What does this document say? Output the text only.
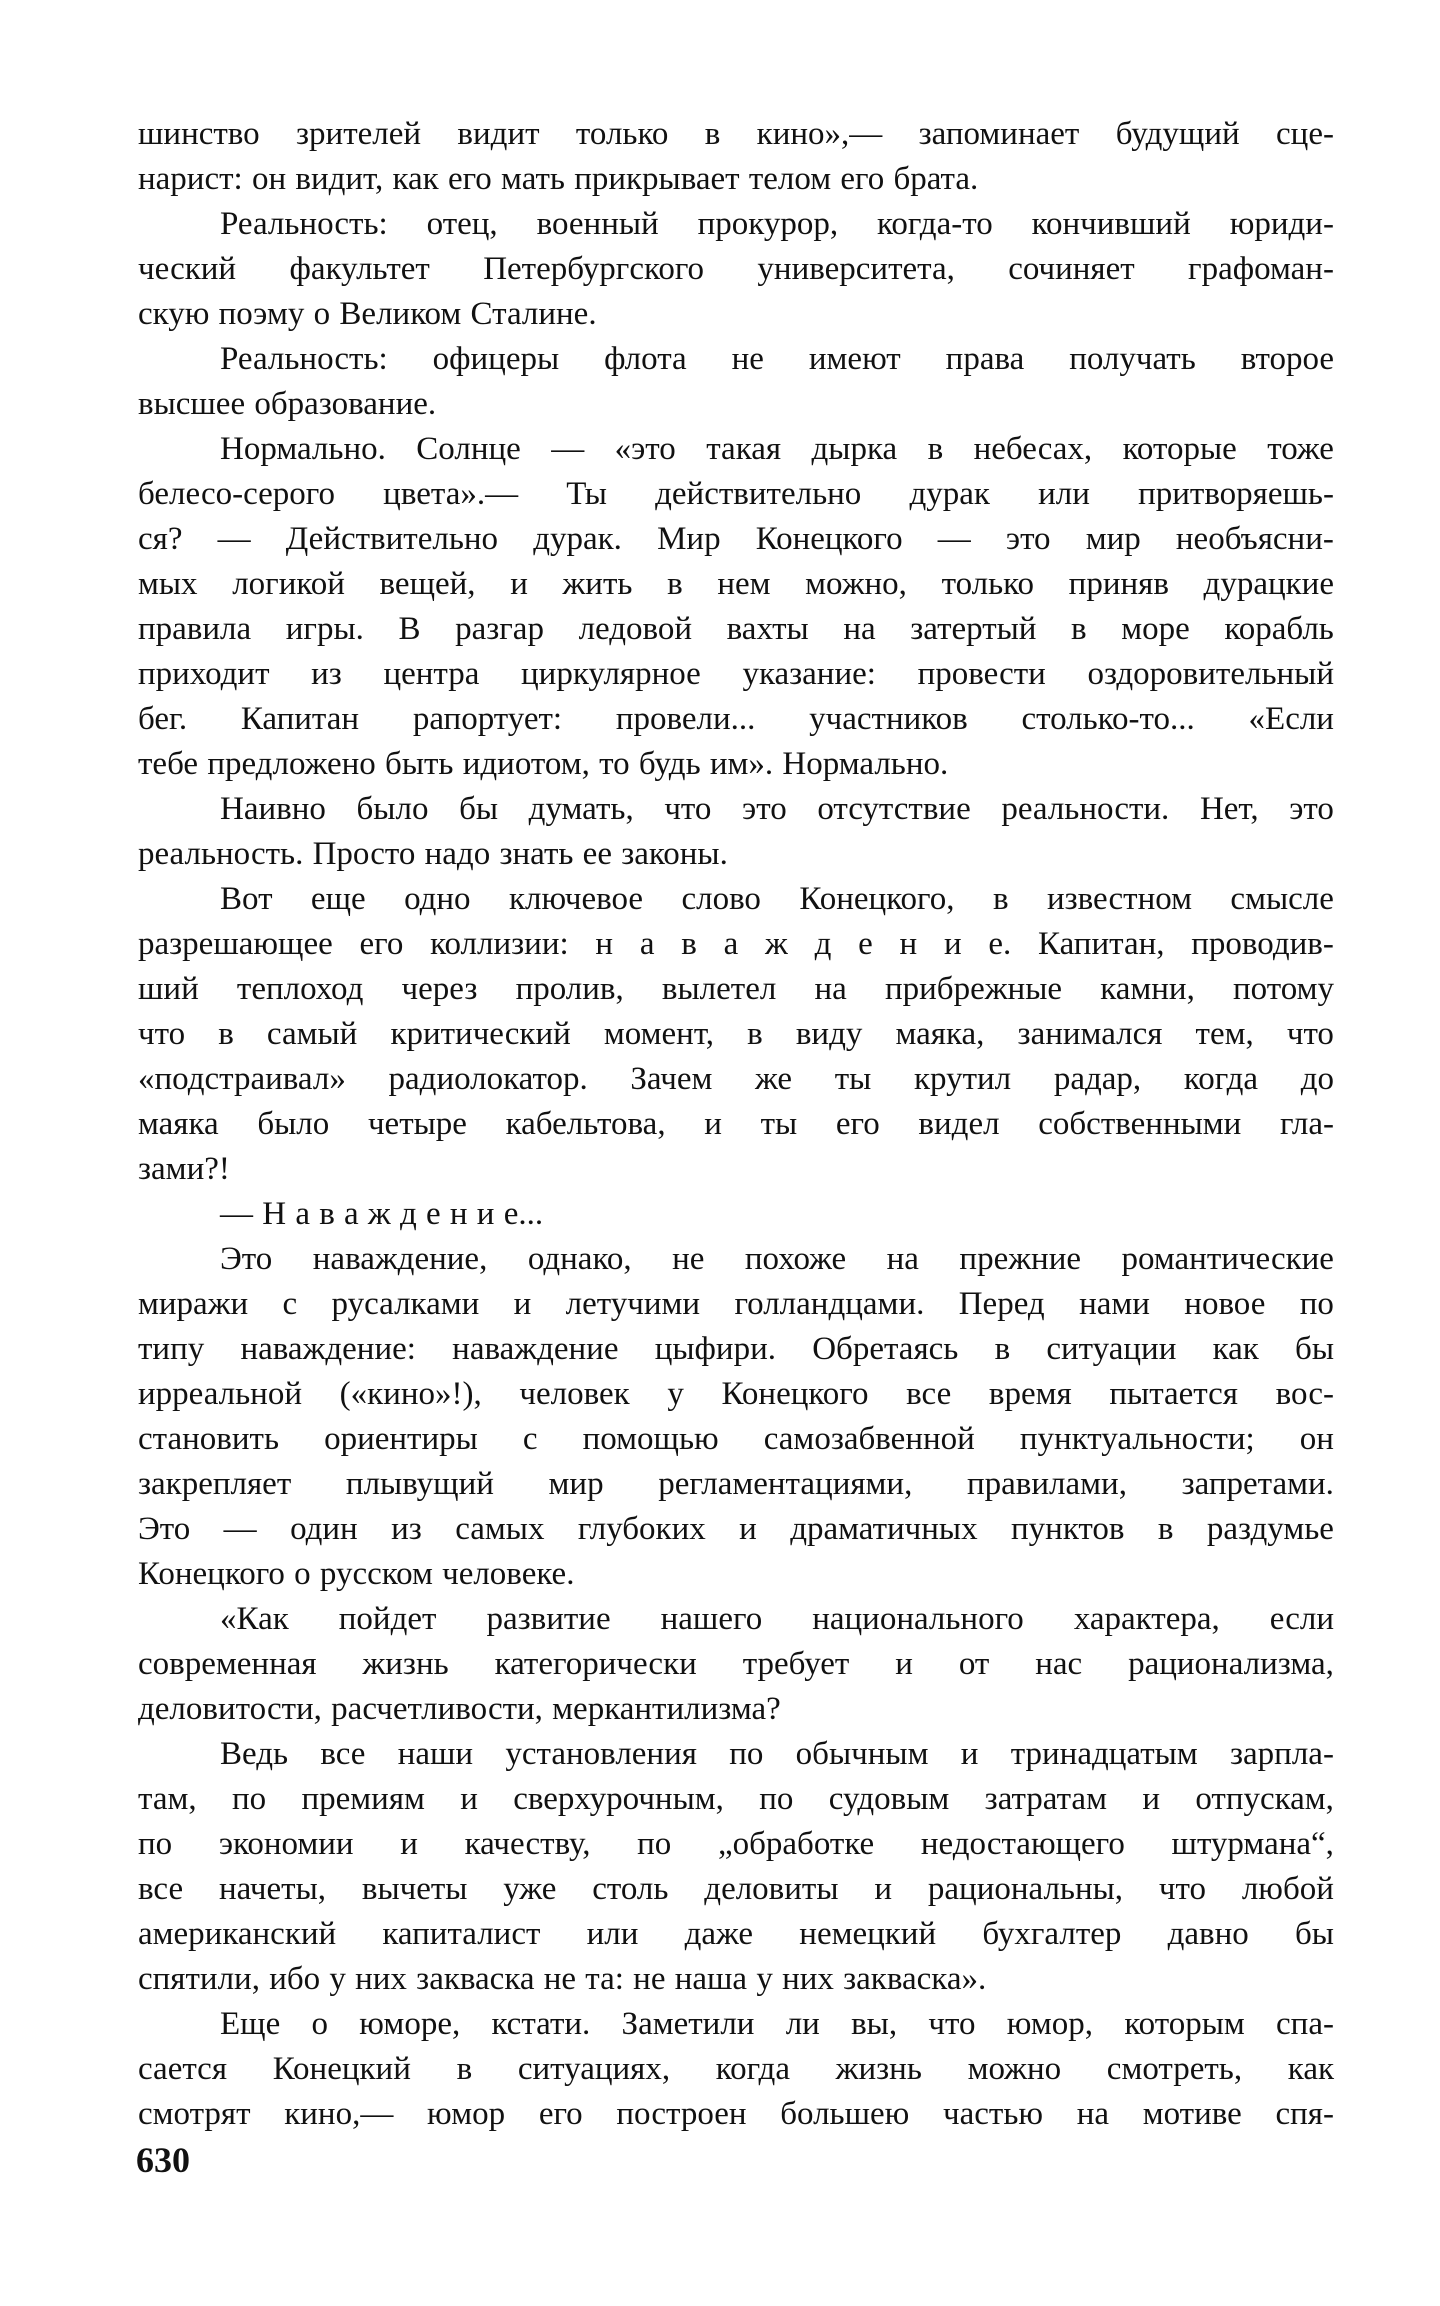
шинство зрителей видит только в кино»,— запоминает будущий сце-
нарист: он видит, как его мать прикрывает телом его брата.
Реальность: отец, военный прокурор, когда-то кончивший юриди-
ческий факультет Петербургского университета, сочиняет графоман-
скую поэму о Великом Сталине.
Реальность: офицеры флота не имеют права получать второе
высшее образование.
Нормально. Солнце — «это такая дырка в небесах, которые тоже
белесо-серого цвета».— Ты действительно дурак или притворяешь-
ся? — Действительно дурак. Мир Конецкого — это мир необъясни-
мых логикой вещей, и жить в нем можно, только приняв дурацкие
правила игры. В разгар ледовой вахты на затертый в море корабль
приходит из центра циркулярное указание: провести оздоровительный
бег. Капитан рапортует: провели... участников столько-то... «Если
тебе предложено быть идиотом, то будь им». Нормально.
Наивно было бы думать, что это отсутствие реальности. Нет, это
реальность. Просто надо знать ее законы.
Вот еще одно ключевое слово Конецкого, в известном смысле
разрешающее его коллизии: н а в а ж д е н и е. Капитан, проводив-
ший теплоход через пролив, вылетел на прибрежные камни, потому
что в самый критический момент, в виду маяка, занимался тем, что
«подстраивал» радиолокатор. Зачем же ты крутил радар, когда до
маяка было четыре кабельтова, и ты его видел собственными гла-
зами?!
— Н а в а ж д е н и е...
Это наваждение, однако, не похоже на прежние романтические
миражи с русалками и летучими голландцами. Перед нами новое по
типу наваждение: наваждение цыфири. Обретаясь в ситуации как бы
ирреальной («кино»!), человек у Конецкого все время пытается вос-
становить ориентиры с помощью самозабвенной пунктуальности; он
закрепляет плывущий мир регламентациями, правилами, запретами.
Это — один из самых глубоких и драматичных пунктов в раздумье
Конецкого о русском человеке.
«Как пойдет развитие нашего национального характера, если
современная жизнь категорически требует и от нас рационализма,
деловитости, расчетливости, меркантилизма?
Ведь все наши установления по обычным и тринадцатым зарпла-
там, по премиям и сверхурочным, по судовым затратам и отпускам,
по экономии и качеству, по „обработке недостающего штурмана“,
все начеты, вычеты уже столь деловиты и рациональны, что любой
американский капиталист или даже немецкий бухгалтер давно бы
спятили, ибо у них закваска не та: не наша у них закваска».
Еще о юморе, кстати. Заметили ли вы, что юмор, которым спа-
сается Конецкий в ситуациях, когда жизнь можно смотреть, как
смотрят кино,— юмор его построен большею частью на мотиве спя-
630
